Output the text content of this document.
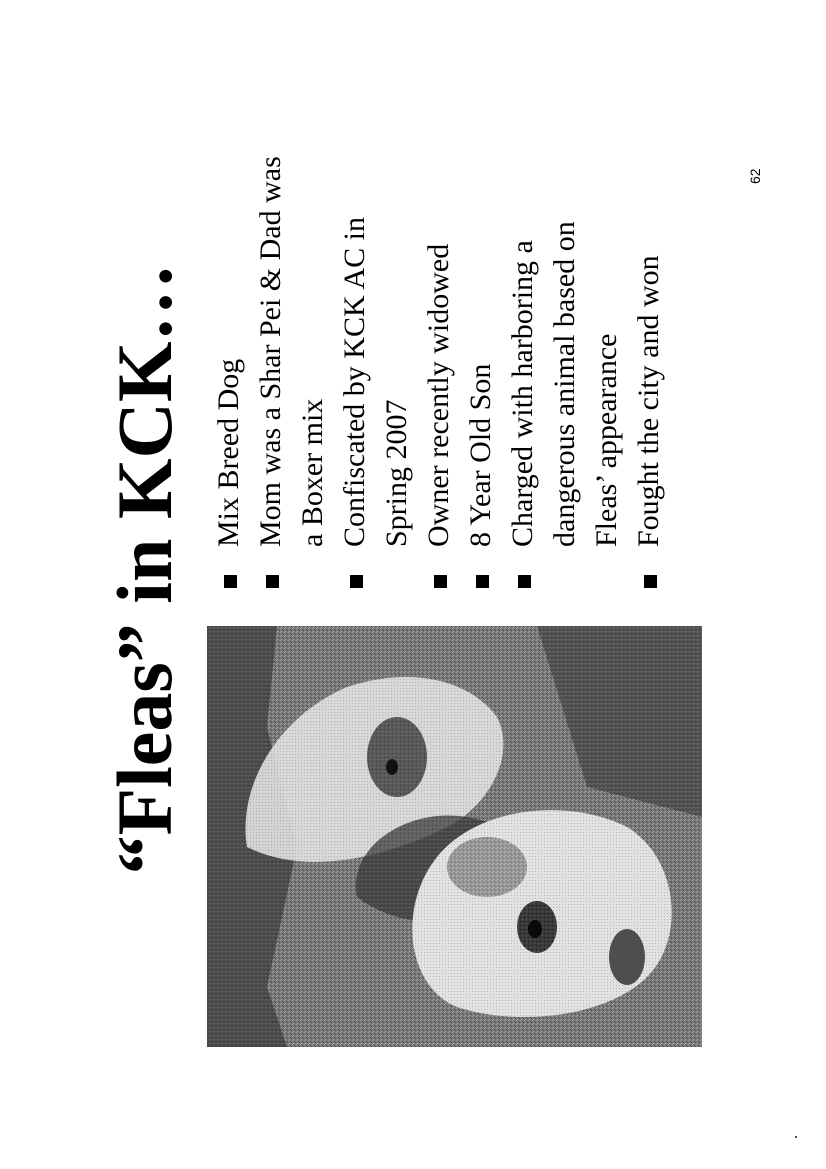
“Fleas” in KCK… Mix Breed Dog Mom was a Shar Pei & Dad was a Boxer mix Confiscated by KCK AC in Spring 2007 Owner recently widowed 8 Year Old Son Charged with harboring a dangerous animal based on Fleas’ appearance Fought the city and won
62
